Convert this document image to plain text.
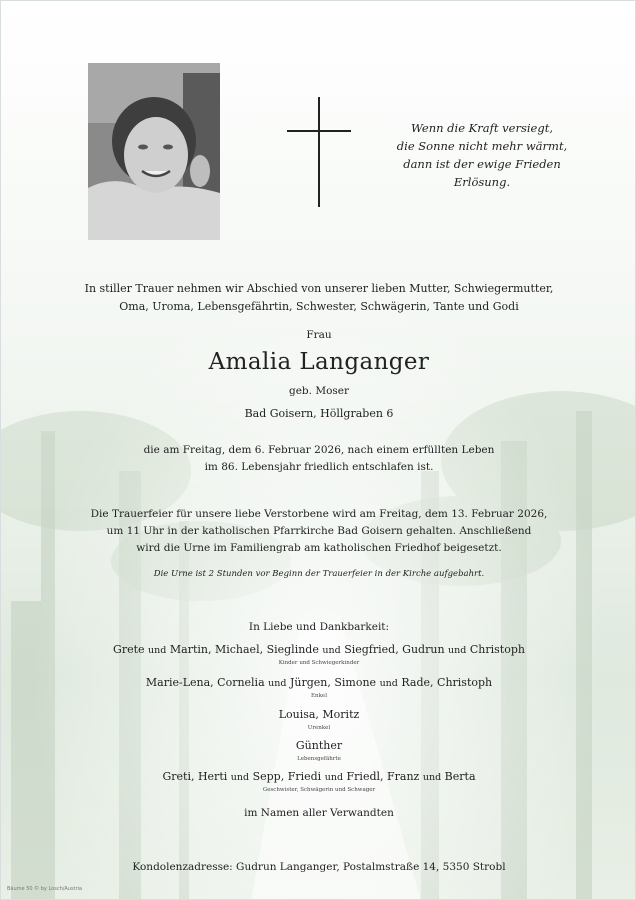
Wenn die Kraft versiegt,
die Sonne nicht mehr wärmt,
dann ist der ewige Frieden
Erlösung.
In stiller Trauer nehmen wir Abschied von unserer lieben Mutter, Schwiegermutter,
Oma, Uroma, Lebensgefährtin, Schwester, Schwägerin, Tante und Godi
Frau
Amalia Langanger
geb. Moser
Bad Goisern, Höllgraben 6
die am Freitag, dem 6. Februar 2026, nach einem erfüllten Leben
im 86. Lebensjahr friedlich entschlafen ist.
Die Trauerfeier für unsere liebe Verstorbene wird am Freitag, dem 13. Februar 2026,
um 11 Uhr in der katholischen Pfarrkirche Bad Goisern gehalten. Anschließend
wird die Urne im Familiengrab am katholischen Friedhof beigesetzt.
Die Urne ist 2 Stunden vor Beginn der Trauerfeier in der Kirche aufgebahrt.
In Liebe und Dankbarkeit:
Grete und Martin, Michael, Sieglinde und Siegfried, Gudrun und Christoph
Kinder und Schwiegerkinder
Marie-Lena, Cornelia und Jürgen, Simone und Rade, Christoph
Enkel
Louisa, Moritz
Urenkel
Günther
Lebensgefährte
Greti, Herti und Sepp, Friedi und Friedl, Franz und Berta
Geschwister, Schwägerin und Schwager
im Namen aller Verwandten
Kondolenzadresse: Gudrun Langanger, Postalmstraße 14, 5350 Strobl
Bäume 50 © by Losch/Austria
